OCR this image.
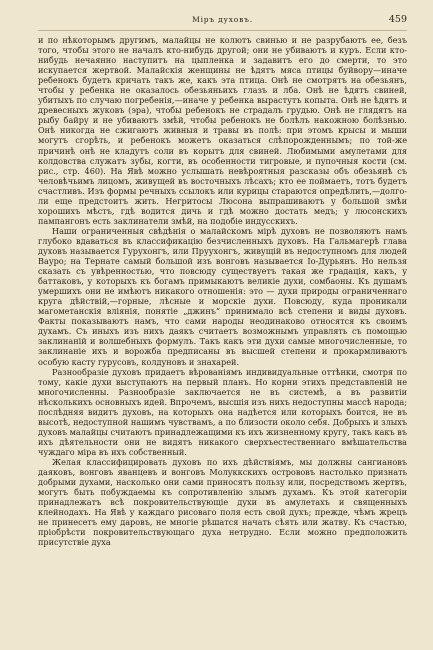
Міръ духовъ.	459

и по нѣкоторымъ другимъ, малайцы не колютъ свинью и не разрубаютъ ее, безъ того, чтобы этого не началъ кто-нибудь другой; они не убиваютъ и куръ. Если кто-нибудь нечаянно наступитъ на цыпленка и задавитъ его до смерти, то это искупается жертвой. Малайскія женщины не ѣдятъ мяса птицы буйвору—иначе ребенокъ будетъ кричать такъ же, какъ эта птица. Онѣ не смотрятъ на обезьянъ, чтобы у ребенка не оказалось обезьяньихъ глазъ и лба. Онѣ не ѣдятъ свиней, убитыхъ по случаю погребенія,—иначе у ребенка вырастутъ копыта. Онѣ не ѣдятъ и древесныхъ жуковъ (эра), чтобы ребенокъ не страдалъ грудью. Онѣ не глядятъ на рыбу байру и не убиваютъ змѣй, чтобы ребенокъ не болѣлъ накожною болѣзнью. Онѣ никогда не сжигаютъ живныя и травы въ полѣ: при этомъ крысы и мыши могутъ сгорѣть, и ребенокъ можетъ оказаться слѣпорожденнымъ; по той-же причинѣ онѣ не кладутъ соли въ корытъ для свиней. Любимыми амулетами для колдовства служатъ зубы, когти, въ особенности тигровые, и пупочныя кости (см. рис., стр. 460). На Явѣ можно услышать невѣроятныя разсказы объ обезьянѣ съ человѣчьимъ лицомъ, живущей въ восточныхъ лѣсахъ; кто ее поймаетъ, тотъ будетъ счастливъ. Изъ формы речныхъ ссылокъ или курицы стараются опредѣлить,—долго-ли еще предстоитъ жить. Негритосы Люсона выпрашиваютъ у большой змѣи хорошихъ мѣстъ, гдѣ водится дичь и гдѣ можно достать медъ; у люсонскихъ пампангонъ есть заклинатели змѣй, на подобіе индусскихъ.

Наши ограниченныя свѣдѣнія о малайскомъ мірѣ духовъ не позволяютъ намъ глубоко вдаваться въ классификацію безчисленныхъ духовъ. На Гальмагерѣ глава духовъ называется Гурухонгъ, или Пруухонгъ, живущій въ недоступномъ для людей Вауро; на Тернате самый большой изъ вонговъ называется Іо-Дурьянъ. Но нельзя сказать съ увѣренностью, что повсюду существуетъ такая же градація, какъ, у баттаковъ, у которыхъ къ богамъ примыкаютъ великіе духи, сомбаоны. Къ душамъ умершихъ они не имѣютъ никакого отношенія: это — духи природы ограниченнаго круга дѣйствій,—горные, лѣсные и морскіе духи. Повсюду, куда проникали магометанскія влiянія, понятіе „джинъ“ принимало всѣ степени и виды духовъ. Факты показываютъ намъ, что сами народы неодинаково относятся къ своимъ духамъ. Съ иныхъ изъ нихъ даякъ считаетъ возможнымъ управлять съ помощью заклинаній и волшебныхъ формулъ. Такъ какъ эти духи самые многочисленные, то заклинаніе ихъ и ворожба предписаны въ высшей степени и прокармливаютъ особую касту гурусовъ, колдуновъ и знахарей.

Разнообразіе духовъ придаетъ вѣрованіямъ индивидуальные оттѣнки, смотря по тому, какіе духи выступаютъ на первый планъ. Но корни этихъ представленій не многочисленны. Разнообразіе заключается не въ системѣ, а въ развитіи нѣсколькихъ основныхъ идей. Впрочемъ, высшія изъ нихъ недоступны массѣ народа; послѣдняя видитъ духовъ, на которыхъ она надѣется или которыхъ боится, не въ высотѣ, недоступной нашимъ чувствамъ, а по близости около себя. Добрыхъ и злыхъ духовъ малайцы считаютъ принадлежащими къ ихъ жизненному кругу, такъ какъ въ ихъ дѣятельности они не видятъ никакого сверхъестественнаго вмѣшательства чуждаго міра въ ихъ собственный.

Желая классифицировать духовъ по ихъ дѣйствіямъ, мы должны сангиановъ даяковъ, вонговъ яванцевъ и вонговъ Молуккскихъ острововъ настолько признать добрыми духами, насколько они сами приносятъ пользу или, посредствомъ жертвъ, могутъ быть побуждаемы къ сопротивленію злымъ духамъ. Къ этой категоріи принадлежатъ всѣ покровительствующіе духи въ амулетахъ и священныхъ клейнодахъ. На Явѣ у каждаго рисоваго поля есть свой духъ; прежде, чѣмъ жрецъ не принесетъ ему даровъ, не многіе рѣшатся начать сѣять или жатву. Къ счастью, пріобрѣсти покровительствующаго духа нетрудно. Если можно предположить присутствіе духа
